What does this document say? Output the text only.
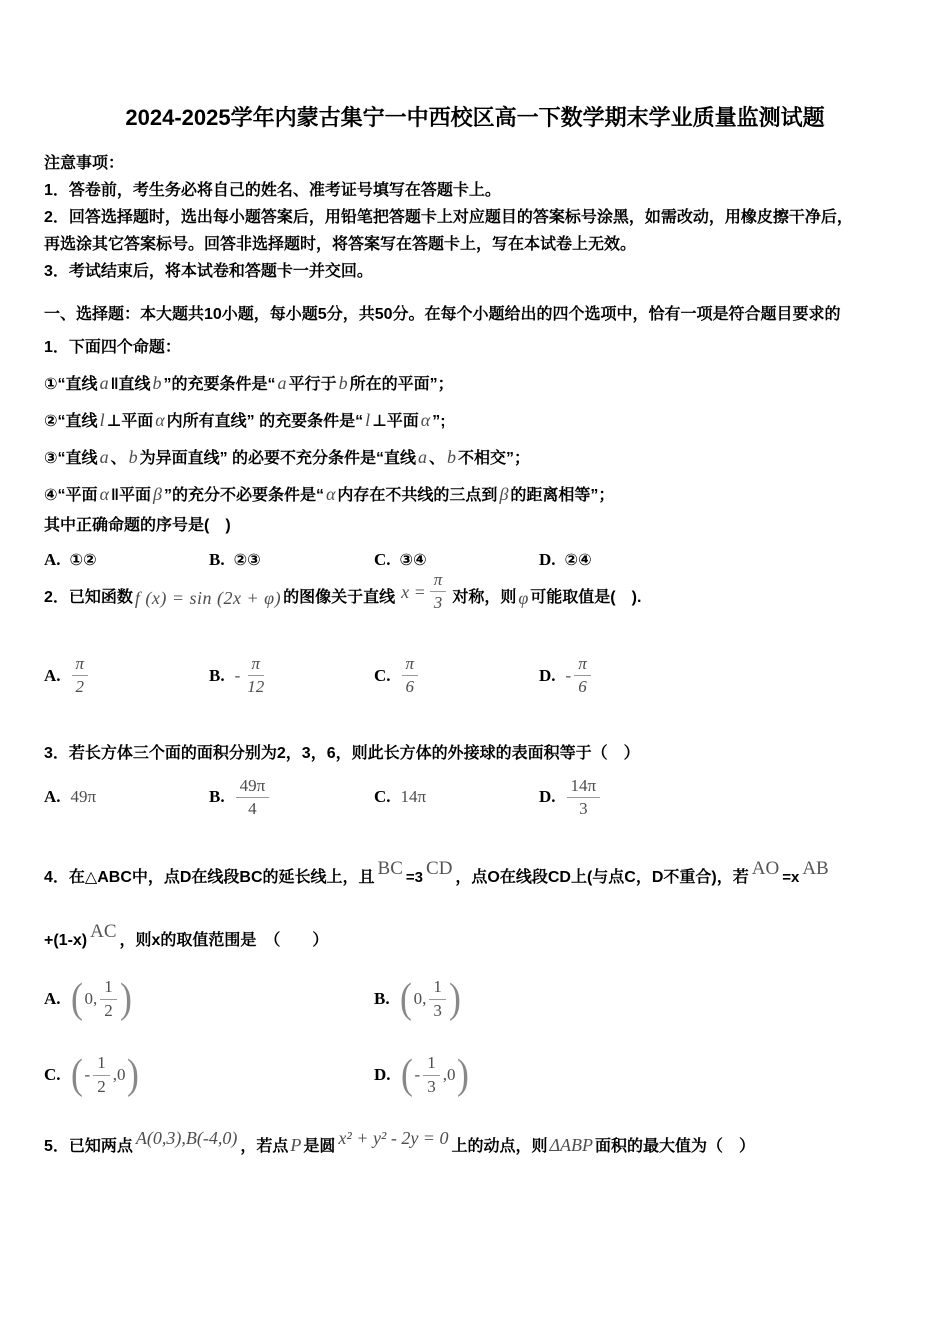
2024-2025学年内蒙古集宁一中西校区高一下数学期末学业质量监测试题
注意事项：
1．答卷前，考生务必将自己的姓名、准考证号填写在答题卡上。
2．回答选择题时，选出每小题答案后，用铅笔把答题卡上对应题目的答案标号涂黑，如需改动，用橡皮擦干净后，
再选涂其它答案标号。回答非选择题时，将答案写在答题卡上，写在本试卷上无效。
3．考试结束后，将本试卷和答题卡一并交回。
一、选择题：本大题共10小题，每小题5分，共50分。在每个小题给出的四个选项中，恰有一项是符合题目要求的
1．下面四个命题：
①“直线 a ‖直线 b ”的充要条件是“ a 平行于 b 所在的平面”；
②“直线 l ⊥平面 α 内所有直线” 的充要条件是“ l ⊥平面 α ”;
③“直线 a 、 b 为异面直线” 的必要不充分条件是“直线 a 、 b 不相交”；
④“平面 α ‖平面 β ”的充分不必要条件是“ α 内存在不共线的三点到 β 的距离相等”；
其中正确命题的序号是(　)
A. ①②	B. ②③	C. ③④	D. ②④
2．已知函数 f (x) = sin (2x + φ) 的图像关于直线 $x = \frac{\pi}{3}$ 对称，则 φ 可能取值是(　).
A. $\frac{\pi}{2}$	B. - $\frac{\pi}{12}$	C. $\frac{\pi}{6}$	D. - $\frac{\pi}{6}$
3．若长方体三个面的面积分别为2，3，6，则此长方体的外接球的表面积等于（　）
A. 49π	B. $\frac{49\pi}{4}$	C. 14π	D. $\frac{14\pi}{3}$
4．在△ABC中，点D在线段BC的延长线上，且 BC =3 CD ，点O在线段CD上(与点C，D不重合)，若 AO =x AB
+(1-x) AC ，则x的取值范围是　（　　）
A. ( 0, $\frac{1}{2}$ )	B. ( 0, $\frac{1}{3}$ )
C. ( - $\frac{1}{2} ,0$ )	D. ( - $\frac{1}{3} ,0$ )
5．已知两点 A(0,3),B(-4,0) ，若点 P 是圆 x² + y² - 2y = 0 上的动点，则 ΔABP 面积的最大值为（　）
